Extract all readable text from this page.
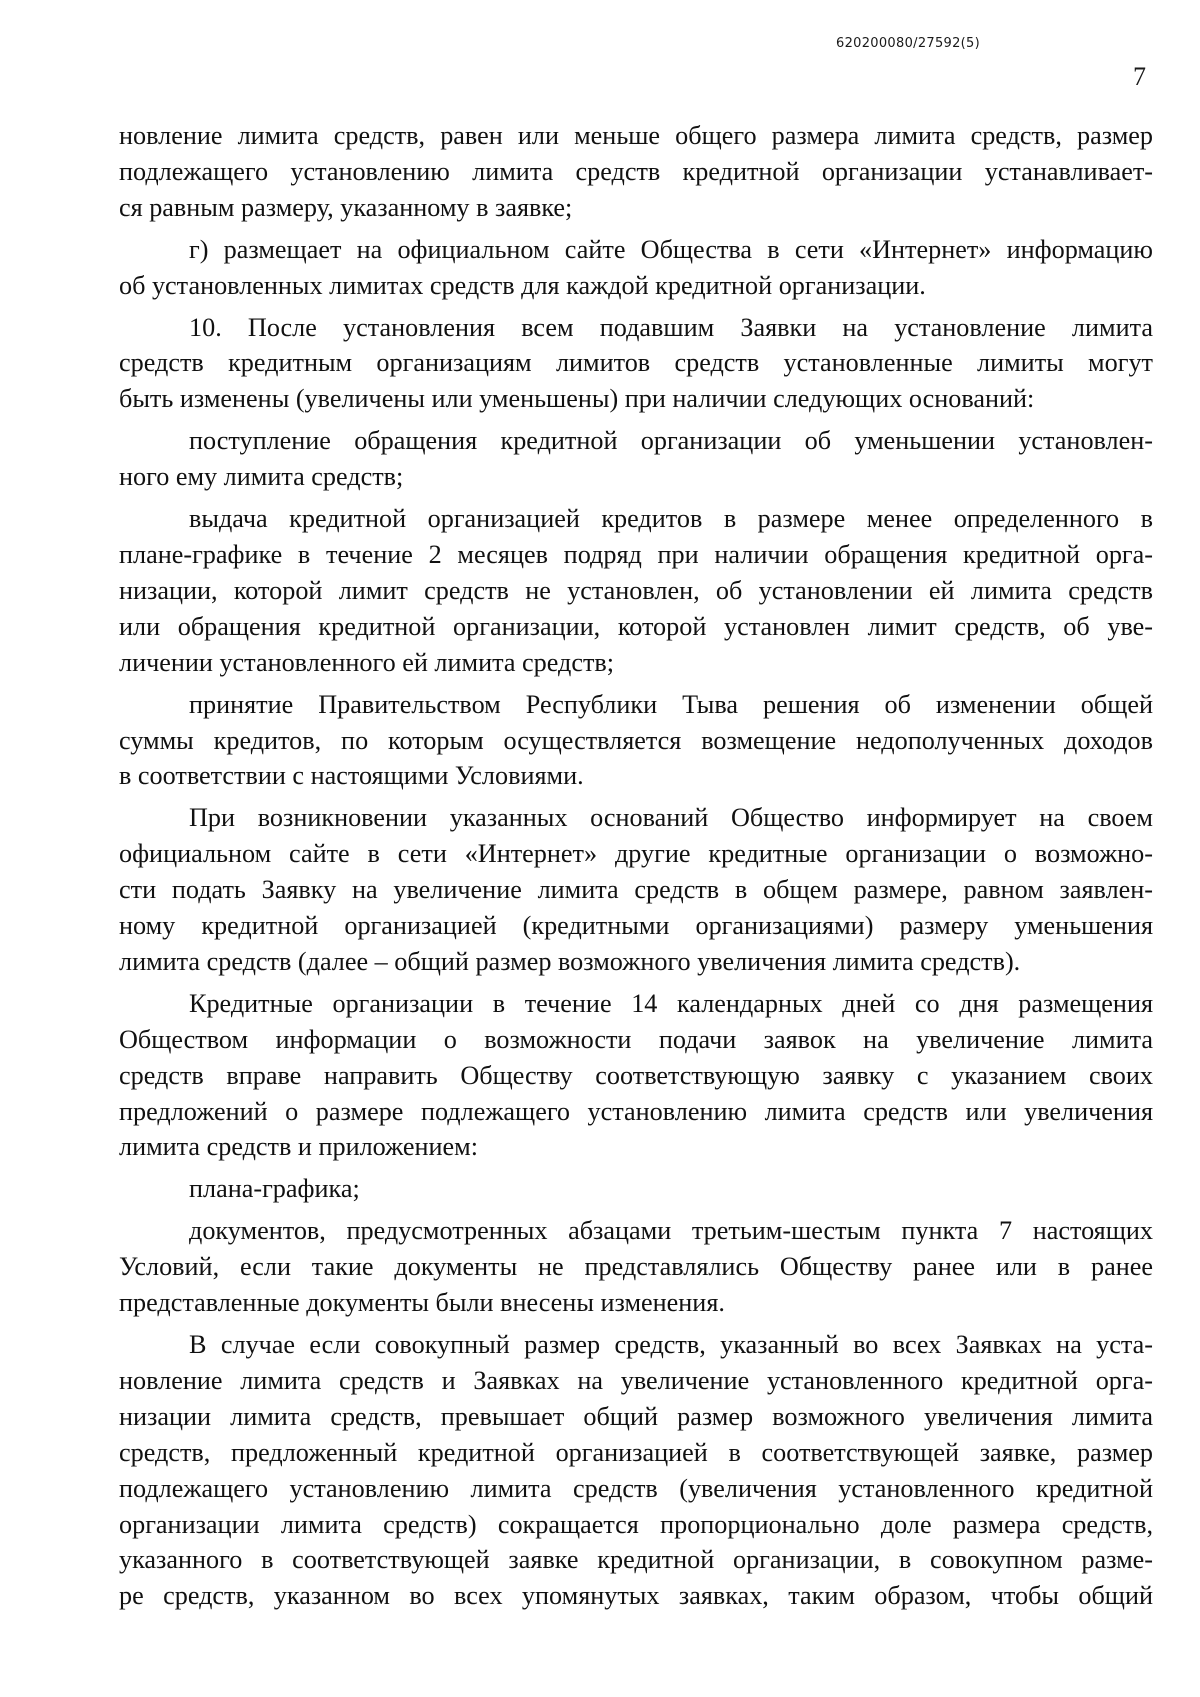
620200080/27592(5)
7
новление лимита средств, равен или меньше общего размера лимита средств, размер
подлежащего установлению лимита средств кредитной организации устанавливает-
ся равным размеру, указанному в заявке;
г) размещает на официальном сайте Общества в сети «Интернет» информацию
об установленных лимитах средств для каждой кредитной организации.
10. После установления всем подавшим Заявки на установление лимита
средств кредитным организациям лимитов средств установленные лимиты могут
быть изменены (увеличены или уменьшены) при наличии следующих оснований:
поступление обращения кредитной организации об уменьшении установлен-
ного ему лимита средств;
выдача кредитной организацией кредитов в размере менее определенного в
плане-графике в течение 2 месяцев подряд при наличии обращения кредитной орга-
низации, которой лимит средств не установлен, об установлении ей лимита средств
или обращения кредитной организации, которой установлен лимит средств, об уве-
личении установленного ей лимита средств;
принятие Правительством Республики Тыва решения об изменении общей
суммы кредитов, по которым осуществляется возмещение недополученных доходов
в соответствии с настоящими Условиями.
При возникновении указанных оснований Общество информирует на своем
официальном сайте в сети «Интернет» другие кредитные организации о возможно-
сти подать Заявку на увеличение лимита средств в общем размере, равном заявлен-
ному кредитной организацией (кредитными организациями) размеру уменьшения
лимита средств (далее – общий размер возможного увеличения лимита средств).
Кредитные организации в течение 14 календарных дней со дня размещения
Обществом информации о возможности подачи заявок на увеличение лимита
средств вправе направить Обществу соответствующую заявку с указанием своих
предложений о размере подлежащего установлению лимита средств или увеличения
лимита средств и приложением:
плана-графика;
документов, предусмотренных абзацами третьим-шестым пункта 7 настоящих
Условий, если такие документы не представлялись Обществу ранее или в ранее
представленные документы были внесены изменения.
В случае если совокупный размер средств, указанный во всех Заявках на уста-
новление лимита средств и Заявках на увеличение установленного кредитной орга-
низации лимита средств, превышает общий размер возможного увеличения лимита
средств, предложенный кредитной организацией в соответствующей заявке, размер
подлежащего установлению лимита средств (увеличения установленного кредитной
организации лимита средств) сокращается пропорционально доле размера средств,
указанного в соответствующей заявке кредитной организации, в совокупном разме-
ре средств, указанном во всех упомянутых заявках, таким образом, чтобы общий
